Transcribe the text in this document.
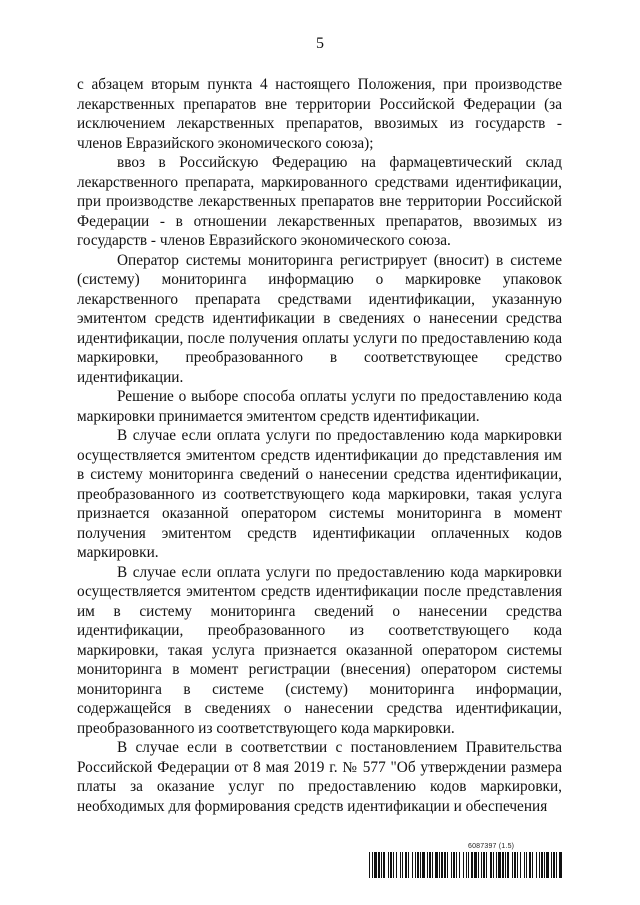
5

с абзацем вторым пункта 4 настоящего Положения, при производстве лекарственных препаратов вне территории Российской Федерации (за исключением лекарственных препаратов, ввозимых из государств - членов Евразийского экономического союза);

ввоз в Российскую Федерацию на фармацевтический склад лекарственного препарата, маркированного средствами идентификации, при производстве лекарственных препаратов вне территории Российской Федерации - в отношении лекарственных препаратов, ввозимых из государств - членов Евразийского экономического союза.

Оператор системы мониторинга регистрирует (вносит) в системе (систему) мониторинга информацию о маркировке упаковок лекарственного препарата средствами идентификации, указанную эмитентом средств идентификации в сведениях о нанесении средства идентификации, после получения оплаты услуги по предоставлению кода маркировки, преобразованного в соответствующее средство идентификации.

Решение о выборе способа оплаты услуги по предоставлению кода маркировки принимается эмитентом средств идентификации.

В случае если оплата услуги по предоставлению кода маркировки осуществляется эмитентом средств идентификации до представления им в систему мониторинга сведений о нанесении средства идентификации, преобразованного из соответствующего кода маркировки, такая услуга признается оказанной оператором системы мониторинга в момент получения эмитентом средств идентификации оплаченных кодов маркировки.

В случае если оплата услуги по предоставлению кода маркировки осуществляется эмитентом средств идентификации после представления им в систему мониторинга сведений о нанесении средства идентификации, преобразованного из соответствующего кода маркировки, такая услуга признается оказанной оператором системы мониторинга в момент регистрации (внесения) оператором системы мониторинга в системе (систему) мониторинга информации, содержащейся в сведениях о нанесении средства идентификации, преобразованного из соответствующего кода маркировки.

В случае если в соответствии с постановлением Правительства Российской Федерации от 8 мая 2019 г. № 577 "Об утверждении размера платы за оказание услуг по предоставлению кодов маркировки, необходимых для формирования средств идентификации и обеспечения

6087397 (1.5)
